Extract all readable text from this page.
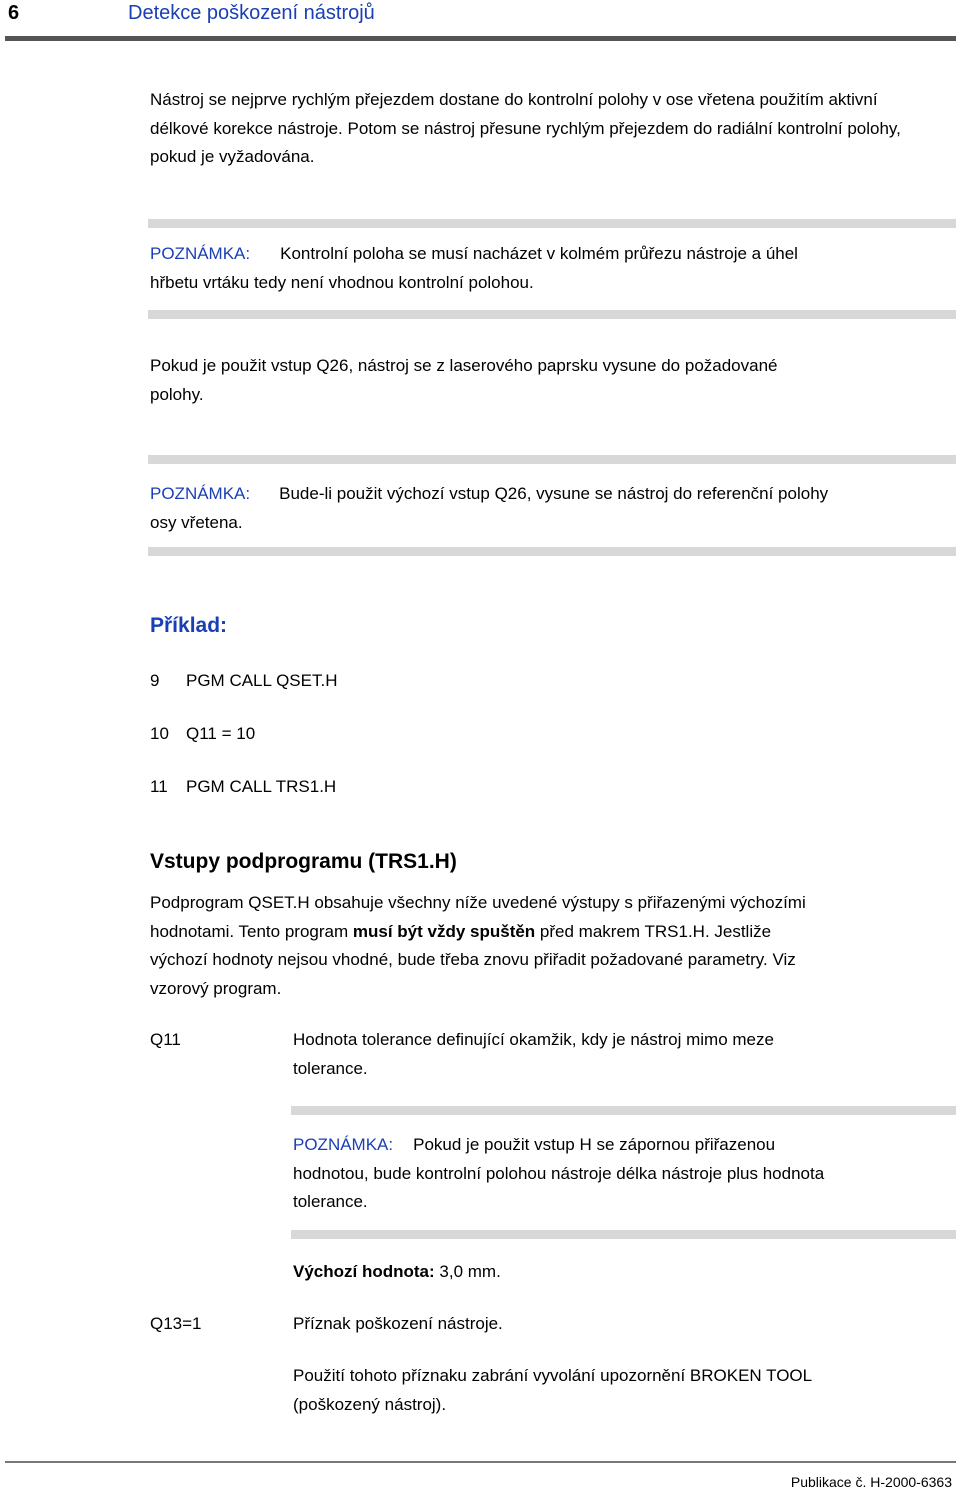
6	Detekce poškození nástrojů
Nástroj se nejprve rychlým přejezdem dostane do kontrolní polohy v ose vřetena použitím aktivní délkové korekce nástroje. Potom se nástroj přesune rychlým přejezdem do radiální kontrolní polohy, pokud je vyžadována.
POZNÁMKA: Kontrolní poloha se musí nacházet v kolmém průřezu nástroje a úhel
hřbetu vrtáku tedy není vhodnou kontrolní polohou.
Pokud je použit vstup Q26, nástroj se z laserového paprsku vysune do požadované
polohy.
POZNÁMKA: Bude-li použit výchozí vstup Q26, vysune se nástroj do referenční polohy
osy vřetena.
Příklad:
9 PGM CALL QSET.H
10 Q11 = 10
11 PGM CALL TRS1.H
Vstupy podprogramu (TRS1.H)
Podprogram QSET.H obsahuje všechny níže uvedené výstupy s přiřazenými výchozími
hodnotami. Tento program musí být vždy spuštěn před makrem TRS1.H. Jestliže
výchozí hodnoty nejsou vhodné, bude třeba znovu přiřadit požadované parametry. Viz
vzorový program.
Q11	Hodnota tolerance definující okamžik, kdy je nástroj mimo meze
tolerance.
POZNÁMKA: Pokud je použit vstup H se zápornou přiřazenou
hodnotou, bude kontrolní polohou nástroje délka nástroje plus hodnota
tolerance.
Výchozí hodnota: 3,0 mm.
Q13=1	Příznak poškození nástroje.
Použití tohoto příznaku zabrání vyvolání upozornění BROKEN TOOL
(poškozený nástroj).
Publikace č. H-2000-6363
